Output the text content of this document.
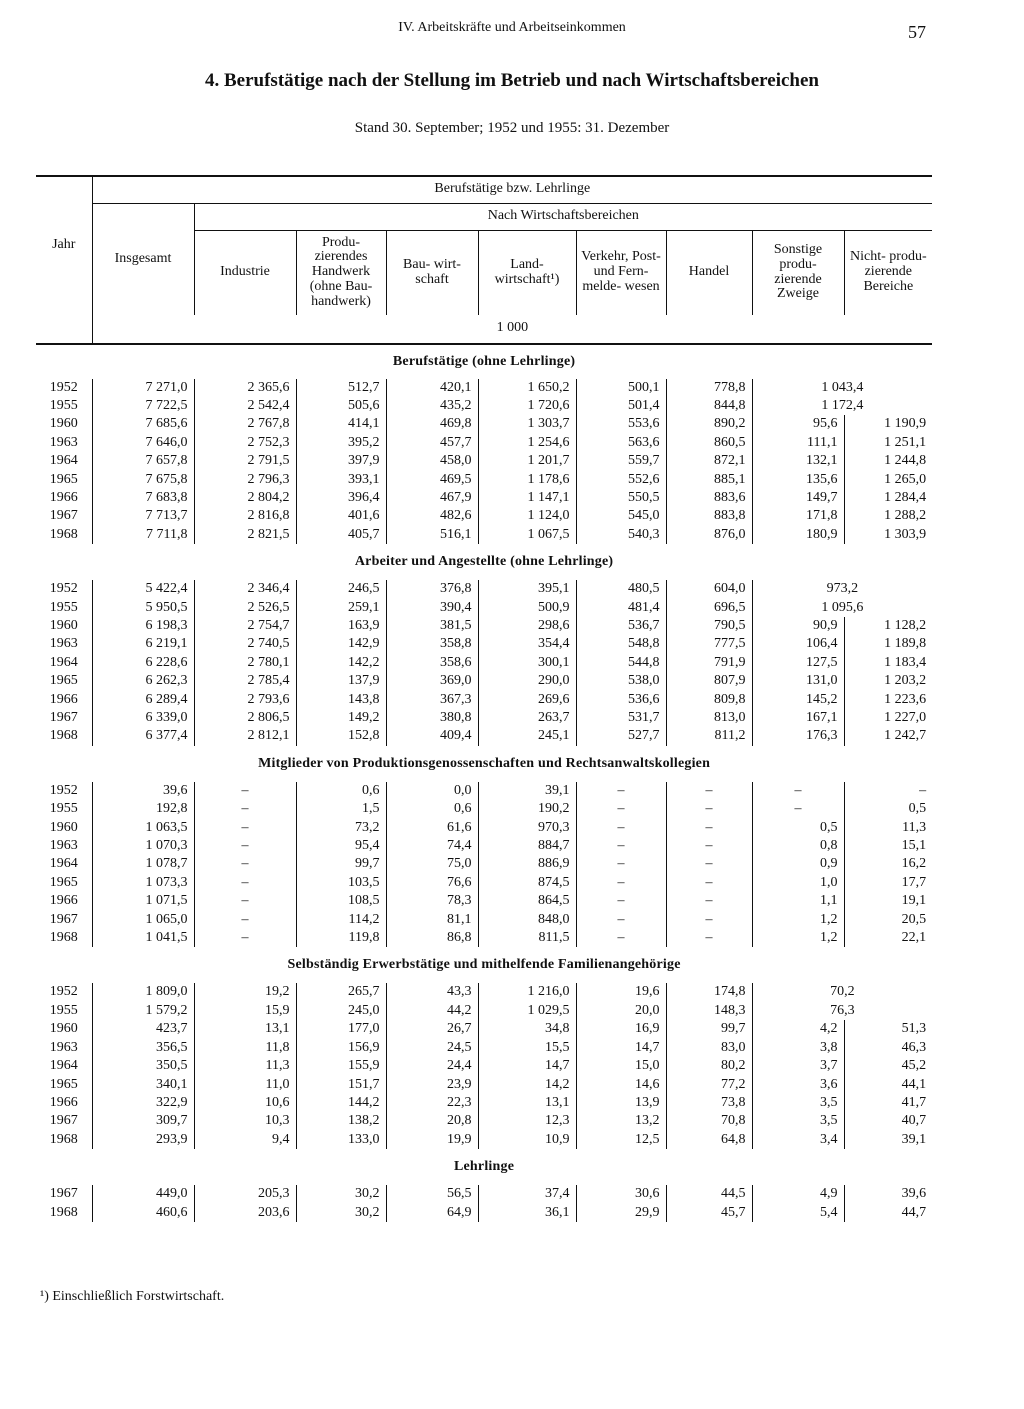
IV. Arbeitskräfte und Arbeitseinkommen	57
4. Berufstätige nach der Stellung im Betrieb und nach Wirtschaftsbereichen
Stand 30. September; 1952 und 1955: 31. Dezember
Jahr	Berufstätige bzw. Lehrlinge								
	Insgesamt	Nach Wirtschaftsbereichen							
		Industrie	Produ- zierendes Handwerk (ohne Bau- handwerk)	Bau- wirt- schaft	Land- wirtschaft¹)	Verkehr, Post- und Fern- melde- wesen	Handel	Sonstige produ- zierende Zweige	Nicht- produ- zierende Bereiche
	1 000								
Berufstätige (ohne Lehrlinge)									
1952	7 271,0	2 365,6	512,7	420,1	1 650,2	500,1	778,8	1 043,4	
1955	7 722,5	2 542,4	505,6	435,2	1 720,6	501,4	844,8	1 172,4	
1960	7 685,6	2 767,8	414,1	469,8	1 303,7	553,6	890,2	95,6	1 190,9
1963	7 646,0	2 752,3	395,2	457,7	1 254,6	563,6	860,5	111,1	1 251,1
1964	7 657,8	2 791,5	397,9	458,0	1 201,7	559,7	872,1	132,1	1 244,8
1965	7 675,8	2 796,3	393,1	469,5	1 178,6	552,6	885,1	135,6	1 265,0
1966	7 683,8	2 804,2	396,4	467,9	1 147,1	550,5	883,6	149,7	1 284,4
1967	7 713,7	2 816,8	401,6	482,6	1 124,0	545,0	883,8	171,8	1 288,2
1968	7 711,8	2 821,5	405,7	516,1	1 067,5	540,3	876,0	180,9	1 303,9
Arbeiter und Angestellte (ohne Lehrlinge)									
1952	5 422,4	2 346,4	246,5	376,8	395,1	480,5	604,0	973,2	
1955	5 950,5	2 526,5	259,1	390,4	500,9	481,4	696,5	1 095,6	
1960	6 198,3	2 754,7	163,9	381,5	298,6	536,7	790,5	90,9	1 128,2
1963	6 219,1	2 740,5	142,9	358,8	354,4	548,8	777,5	106,4	1 189,8
1964	6 228,6	2 780,1	142,2	358,6	300,1	544,8	791,9	127,5	1 183,4
1965	6 262,3	2 785,4	137,9	369,0	290,0	538,0	807,9	131,0	1 203,2
1966	6 289,4	2 793,6	143,8	367,3	269,6	536,6	809,8	145,2	1 223,6
1967	6 339,0	2 806,5	149,2	380,8	263,7	531,7	813,0	167,1	1 227,0
1968	6 377,4	2 812,1	152,8	409,4	245,1	527,7	811,2	176,3	1 242,7
Mitglieder von Produktionsgenossenschaften und Rechtsanwaltskollegien									
1952	39,6	–	0,6	0,0	39,1	–	–	–	–
1955	192,8	–	1,5	0,6	190,2	–	–	–	0,5
1960	1 063,5	–	73,2	61,6	970,3	–	–	0,5	11,3
1963	1 070,3	–	95,4	74,4	884,7	–	–	0,8	15,1
1964	1 078,7	–	99,7	75,0	886,9	–	–	0,9	16,2
1965	1 073,3	–	103,5	76,6	874,5	–	–	1,0	17,7
1966	1 071,5	–	108,5	78,3	864,5	–	–	1,1	19,1
1967	1 065,0	–	114,2	81,1	848,0	–	–	1,2	20,5
1968	1 041,5	–	119,8	86,8	811,5	–	–	1,2	22,1
Selbständig Erwerbstätige und mithelfende Familienangehörige									
1952	1 809,0	19,2	265,7	43,3	1 216,0	19,6	174,8	70,2	
1955	1 579,2	15,9	245,0	44,2	1 029,5	20,0	148,3	76,3	
1960	423,7	13,1	177,0	26,7	34,8	16,9	99,7	4,2	51,3
1963	356,5	11,8	156,9	24,5	15,5	14,7	83,0	3,8	46,3
1964	350,5	11,3	155,9	24,4	14,7	15,0	80,2	3,7	45,2
1965	340,1	11,0	151,7	23,9	14,2	14,6	77,2	3,6	44,1
1966	322,9	10,6	144,2	22,3	13,1	13,9	73,8	3,5	41,7
1967	309,7	10,3	138,2	20,8	12,3	13,2	70,8	3,5	40,7
1968	293,9	9,4	133,0	19,9	10,9	12,5	64,8	3,4	39,1
Lehrlinge									
1967	449,0	205,3	30,2	56,5	37,4	30,6	44,5	4,9	39,6
1968	460,6	203,6	30,2	64,9	36,1	29,9	45,7	5,4	44,7
¹) Einschließlich Forstwirtschaft.
